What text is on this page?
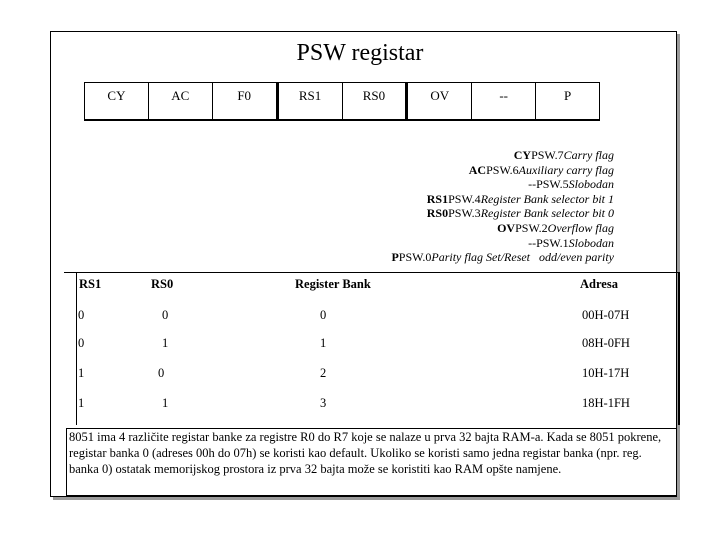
PSW registar
CY	AC	F0	RS1	RS0	OV	--	P
CYPSW.7Carry flag
ACPSW.6Auxiliary carry flag
--PSW.5Slobodan
RS1PSW.4Register Bank selector bit 1
RS0PSW.3Register Bank selector bit 0
OVPSW.2Overflow flag
--PSW.1Slobodan
PPSW.0Parity flag Set/Reset   odd/even parity
RS1	RS0	Register Bank	Adresa
0	0	0	00H-07H
0	1	1	08H-0FH
1	0	2	10H-17H
1	1	3	18H-1FH
8051 ima 4 različite registar banke za registre R0 do R7 koje se nalaze u prva 32 bajta RAM-a. Kada se 8051 pokrene, registar banka 0 (adreses 00h do 07h) se koristi kao default. Ukoliko se koristi samo jedna registar banka (npr. reg. banka 0) ostatak memorijskog prostora iz prva 32 bajta može se koristiti kao RAM opšte namjene.
